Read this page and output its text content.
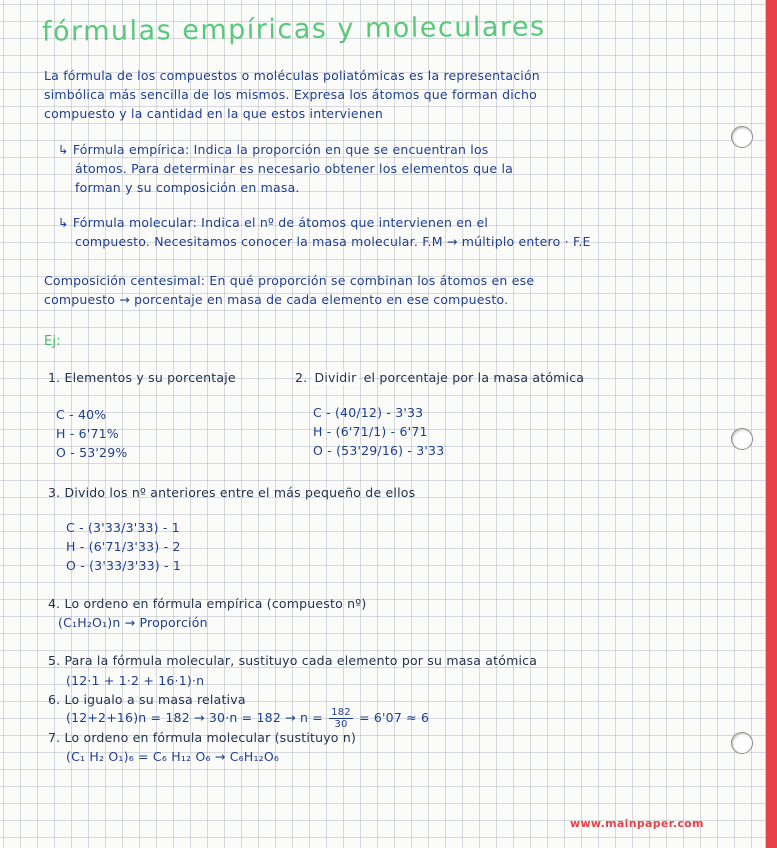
fórmulas empíricas y moleculares
La fórmula de los compuestos o moléculas poliatómicas es la representación
simbólica más sencilla de los mismos. Expresa los átomos que forman dicho
compuesto y la cantidad en la que estos intervienen
↳ Fórmula empírica: Indica la proporción en que se encuentran los
átomos. Para determinar es necesario obtener los elementos que la
forman y su composición en masa.
↳ Fórmula molecular: Indica el nº de átomos que intervienen en el
compuesto. Necesitamos conocer la masa molecular. F.M → múltiplo entero · F.E
Composición centesimal: En qué proporción se combinan los átomos en ese
compuesto → porcentaje en masa de cada elemento en ese compuesto.
Ej:
1. Elementos y su porcentaje	2. Dividir el porcentaje por la masa atómica
C - 40%
H - 6'71%
O - 53'29%
C - (40/12) - 3'33
H - (6'71/1) - 6'71
O - (53'29/16) - 3'33
3. Divido los nº anteriores entre el más pequeño de ellos
C - (3'33/3'33) - 1
H - (6'71/3'33) - 2
O - (3'33/3'33) - 1
4. Lo ordeno en fórmula empírica (compuesto nº)
(C₁H₂O₁)n → Proporción
5. Para la fórmula molecular, sustituyo cada elemento por su masa atómica
(12·1 + 1·2 + 16·1)·n
6. Lo igualo a su masa relativa
$(12+2+16)n = 182 \to 30\cdot n = 182 \to n = \frac{182}{30} = 6'07 \approx 6$
7. Lo ordeno en fórmula molecular (sustituyo n)
(C₁ H₂ O₁)₆ = C₆ H₁₂ O₆ → C₆H₁₂O₆
www.mainpaper.com
